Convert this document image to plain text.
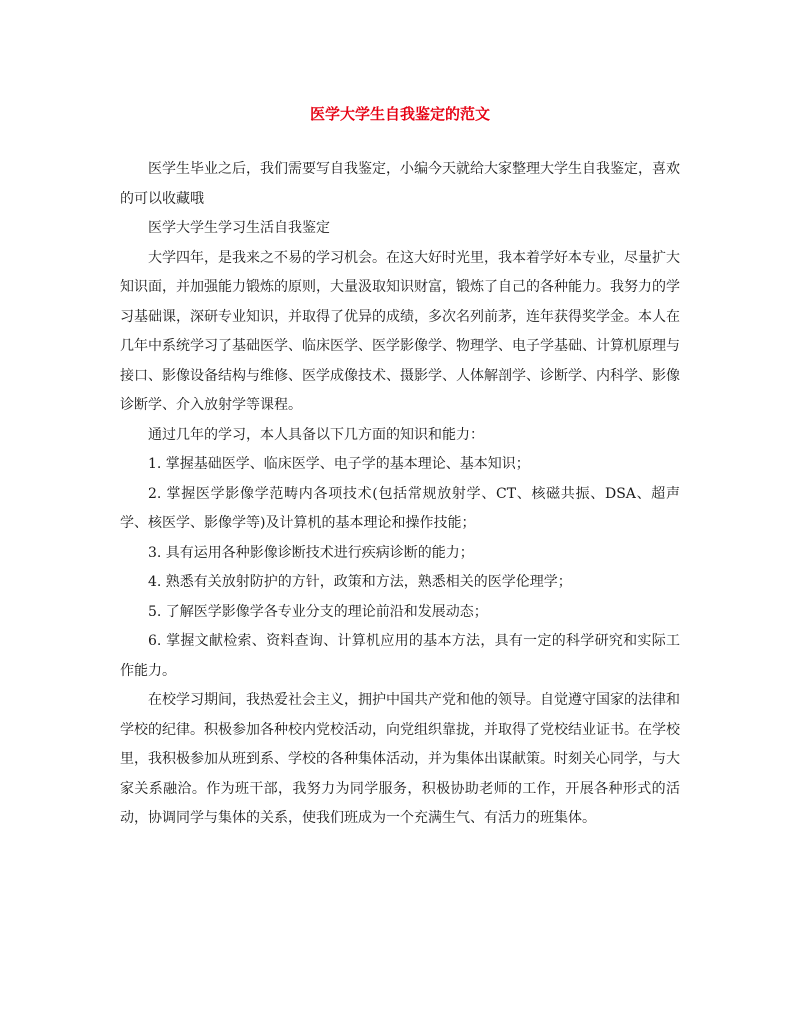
医学大学生自我鉴定的范文

医学生毕业之后，我们需要写自我鉴定，小编今天就给大家整理大学生自我鉴定，喜欢的可以收藏哦

医学大学生学习生活自我鉴定

大学四年，是我来之不易的学习机会。在这大好时光里，我本着学好本专业，尽量扩大知识面，并加强能力锻炼的原则，大量汲取知识财富，锻炼了自己的各种能力。我努力的学习基础课，深研专业知识，并取得了优异的成绩，多次名列前茅，连年获得奖学金。本人在几年中系统学习了基础医学、临床医学、医学影像学、物理学、电子学基础、计算机原理与接口、影像设备结构与维修、医学成像技术、摄影学、人体解剖学、诊断学、内科学、影像诊断学、介入放射学等课程。

通过几年的学习，本人具备以下几方面的知识和能力：

1. 掌握基础医学、临床医学、电子学的基本理论、基本知识；

2. 掌握医学影像学范畴内各项技术(包括常规放射学、CT、核磁共振、DSA、超声学、核医学、影像学等)及计算机的基本理论和操作技能；

3. 具有运用各种影像诊断技术进行疾病诊断的能力；

4. 熟悉有关放射防护的方针，政策和方法，熟悉相关的医学伦理学；

5. 了解医学影像学各专业分支的理论前沿和发展动态；

6. 掌握文献检索、资料查询、计算机应用的基本方法，具有一定的科学研究和实际工作能力。

在校学习期间，我热爱社会主义，拥护中国共产党和他的领导。自觉遵守国家的法律和学校的纪律。积极参加各种校内党校活动，向党组织靠拢，并取得了党校结业证书。在学校里，我积极参加从班到系、学校的各种集体活动，并为集体出谋献策。时刻关心同学，与大家关系融洽。作为班干部，我努力为同学服务，积极协助老师的工作，开展各种形式的活动，协调同学与集体的关系，使我们班成为一个充满生气、有活力的班集体。
